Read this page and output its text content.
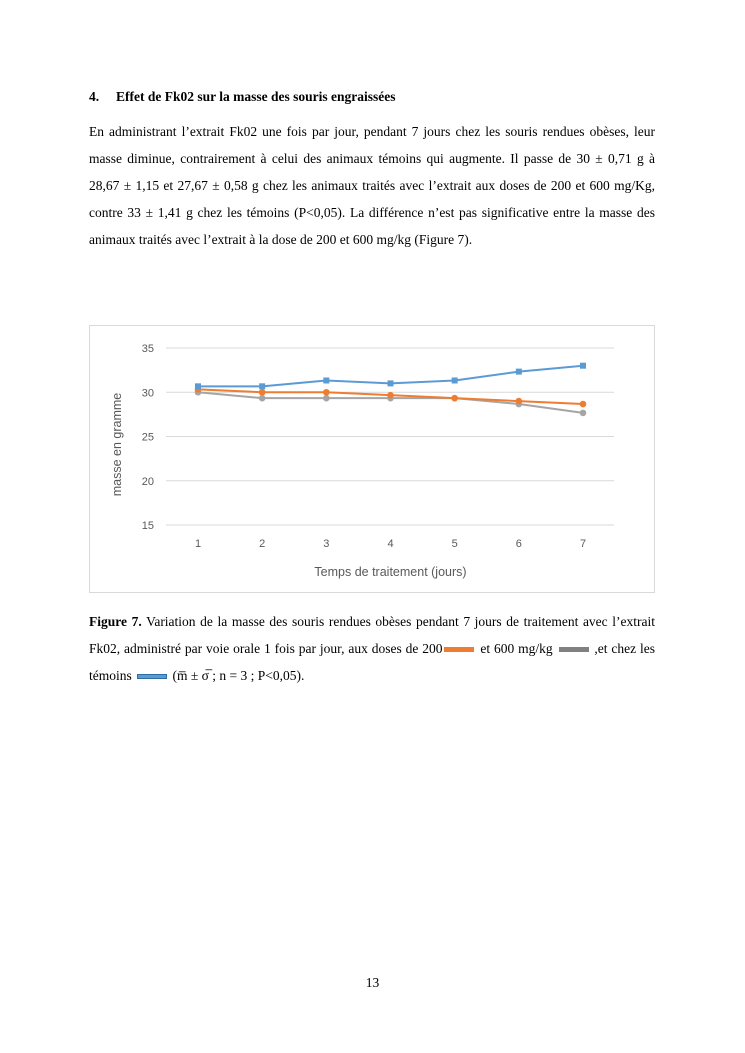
4. Effet de Fk02 sur la masse des souris engraissées
En administrant l’extrait Fk02 une fois par jour, pendant 7 jours chez les souris rendues obèses, leur masse diminue, contrairement à celui des animaux témoins qui augmente. Il passe de 30 ± 0,71 g à 28,67 ± 1,15 et 27,67 ± 0,58 g chez les animaux traités avec l’extrait aux doses de 200 et 600 mg/Kg, contre 33 ± 1,41 g chez les témoins (P<0,05). La différence n’est pas significative entre la masse des animaux traités avec l’extrait à la dose de 200 et 600 mg/kg (Figure 7).
15
20
25
30
35
1	2	3	4	5	6	7
Temps de traitement (jours)
masse en gramme
Figure 7. Variation de la masse des souris rendues obèses pendant 7 jours de traitement avec l’extrait Fk02, administré par voie orale 1 fois par jour, aux doses de 200	et 600 mg/kg	,et chez les témoins	(m̅ ± σ̅ ; n = 3 ; P<0,05).
13
